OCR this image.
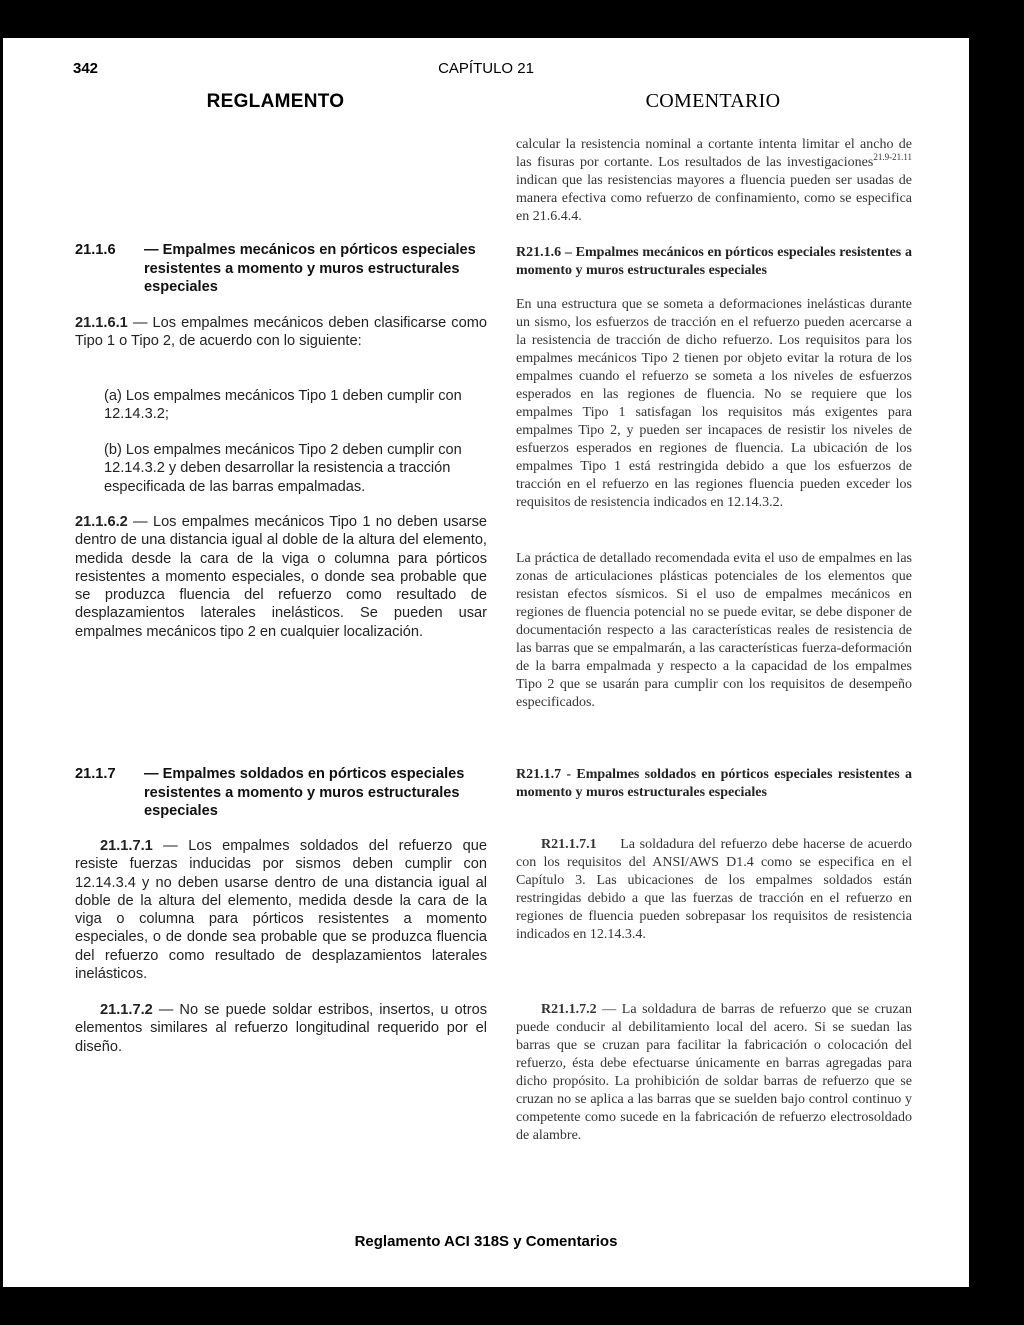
342	CAPÍTULO 21
REGLAMENTO	COMENTARIO
calcular la resistencia nominal a cortante intenta limitar el ancho de las fisuras por cortante. Los resultados de las investigaciones$^{21.9-21.11}$ indican que las resistencias mayores a fluencia pueden ser usadas de manera efectiva como refuerzo de confinamiento, como se especifica en 21.6.4.4.
R21.1.6 – Empalmes mecánicos en pórticos especiales resistentes a momento y muros estructurales especiales
En una estructura que se someta a deformaciones inelásticas durante un sismo, los esfuerzos de tracción en el refuerzo pueden acercarse a la resistencia de tracción de dicho refuerzo. Los requisitos para los empalmes mecánicos Tipo 2 tienen por objeto evitar la rotura de los empalmes cuando el refuerzo se someta a los niveles de esfuerzos esperados en las regiones de fluencia. No se requiere que los empalmes Tipo 1 satisfagan los requisitos más exigentes para empalmes Tipo 2, y pueden ser incapaces de resistir los niveles de esfuerzos esperados en regiones de fluencia. La ubicación de los empalmes Tipo 1 está restringida debido a que los esfuerzos de tracción en el refuerzo en las regiones fluencia pueden exceder los requisitos de resistencia indicados en 12.14.3.2.
La práctica de detallado recomendada evita el uso de empalmes en las zonas de articulaciones plásticas potenciales de los elementos que resistan efectos sísmicos. Si el uso de empalmes mecánicos en regiones de fluencia potencial no se puede evitar, se debe disponer de documentación respecto a las características reales de resistencia de las barras que se empalmarán, a las características fuerza-deformación de la barra empalmada y respecto a la capacidad de los empalmes Tipo 2 que se usarán para cumplir con los requisitos de desempeño especificados.
R21.1.7 - Empalmes soldados en pórticos especiales resistentes a momento y muros estructurales especiales
R21.1.7.1 La soldadura del refuerzo debe hacerse de acuerdo con los requisitos del ANSI/AWS D1.4 como se especifica en el Capítulo 3. Las ubicaciones de los empalmes soldados están restringidas debido a que las fuerzas de tracción en el refuerzo en regiones de fluencia pueden sobrepasar los requisitos de resistencia indicados en 12.14.3.4.
R21.1.7.2 — La soldadura de barras de refuerzo que se cruzan puede conducir al debilitamiento local del acero. Si se suedan las barras que se cruzan para facilitar la fabricación o colocación del refuerzo, ésta debe efectuarse únicamente en barras agregadas para dicho propósito. La prohibición de soldar barras de refuerzo que se cruzan no se aplica a las barras que se suelden bajo control continuo y competente como sucede en la fabricación de refuerzo electrosoldado de alambre.
21.1.6	— Empalmes mecánicos en pórticos especiales resistentes a momento y muros estructurales especiales
21.1.6.1 — Los empalmes mecánicos deben clasificarse como Tipo 1 o Tipo 2, de acuerdo con lo siguiente:
(a) Los empalmes mecánicos Tipo 1 deben cumplir con 12.14.3.2;
(b) Los empalmes mecánicos Tipo 2 deben cumplir con 12.14.3.2 y deben desarrollar la resistencia a tracción especificada de las barras empalmadas.
21.1.6.2 — Los empalmes mecánicos Tipo 1 no deben usarse dentro de una distancia igual al doble de la altura del elemento, medida desde la cara de la viga o columna para pórticos resistentes a momento especiales, o donde sea probable que se produzca fluencia del refuerzo como resultado de desplazamientos laterales inelásticos. Se pueden usar empalmes mecánicos tipo 2 en cualquier localización.
21.1.7	— Empalmes soldados en pórticos especiales resistentes a momento y muros estructurales especiales
21.1.7.1 — Los empalmes soldados del refuerzo que resiste fuerzas inducidas por sismos deben cumplir con 12.14.3.4 y no deben usarse dentro de una distancia igual al doble de la altura del elemento, medida desde la cara de la viga o columna para pórticos resistentes a momento especiales, o de donde sea probable que se produzca fluencia del refuerzo como resultado de desplazamientos laterales inelásticos.
21.1.7.2 — No se puede soldar estribos, insertos, u otros elementos similares al refuerzo longitudinal requerido por el diseño.
Reglamento ACI 318S y Comentarios
